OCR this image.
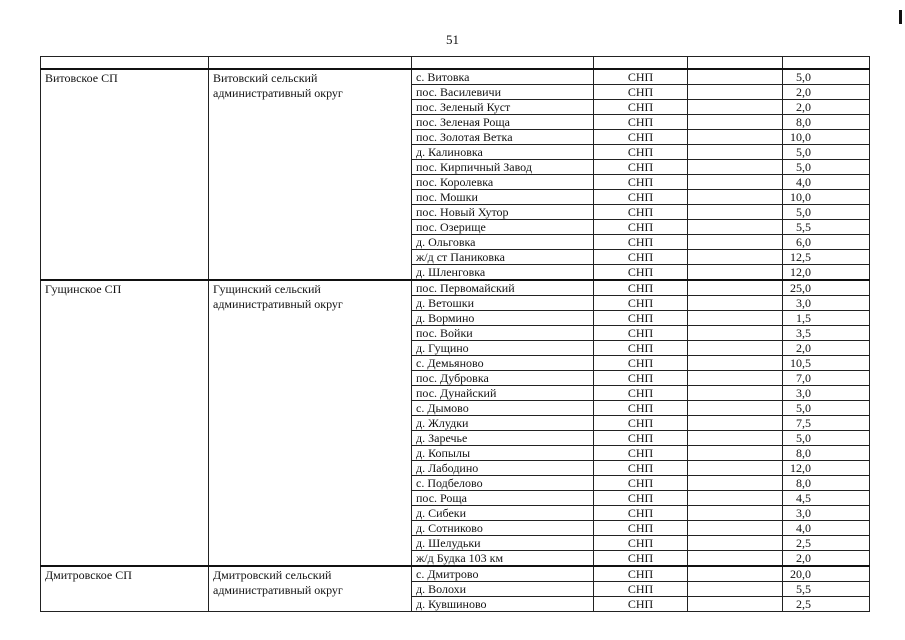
51

Витовское СП	Витовский сельский административный округ	с. Витовка	СНП		5,0
		пос. Василевичи	СНП		2,0
		пос. Зеленый Куст	СНП		2,0
		пос. Зеленая Роща	СНП		8,0
		пос. Золотая Ветка	СНП		10,0
		д. Калиновка	СНП		5,0
		пос. Кирпичный Завод	СНП		5,0
		пос. Королевка	СНП		4,0
		пос. Мошки	СНП		10,0
		пос. Новый Хутор	СНП		5,0
		пос. Озерище	СНП		5,5
		д. Ольговка	СНП		6,0
		ж/д ст Паниковка	СНП		12,5
		д. Шленговка	СНП		12,0
Гущинское СП	Гущинский сельский административный округ	пос. Первомайский	СНП		25,0
		д. Ветошки	СНП		3,0
		д. Вормино	СНП		1,5
		пос. Войки	СНП		3,5
		д. Гущино	СНП		2,0
		с. Демьяново	СНП		10,5
		пос. Дубровка	СНП		7,0
		пос. Дунайский	СНП		3,0
		с. Дымово	СНП		5,0
		д. Жлудки	СНП		7,5
		д. Заречье	СНП		5,0
		д. Копылы	СНП		8,0
		д. Лабодино	СНП		12,0
		с. Подбелово	СНП		8,0
		пос. Роща	СНП		4,5
		д. Сибеки	СНП		3,0
		д. Сотниково	СНП		4,0
		д. Шелудьки	СНП		2,5
		ж/д Будка 103 км	СНП		2,0
Дмитровское СП	Дмитровский сельский административный округ	с. Дмитрово	СНП		20,0
		д. Волохи	СНП		5,5
		д. Кувшиново	СНП		2,5
